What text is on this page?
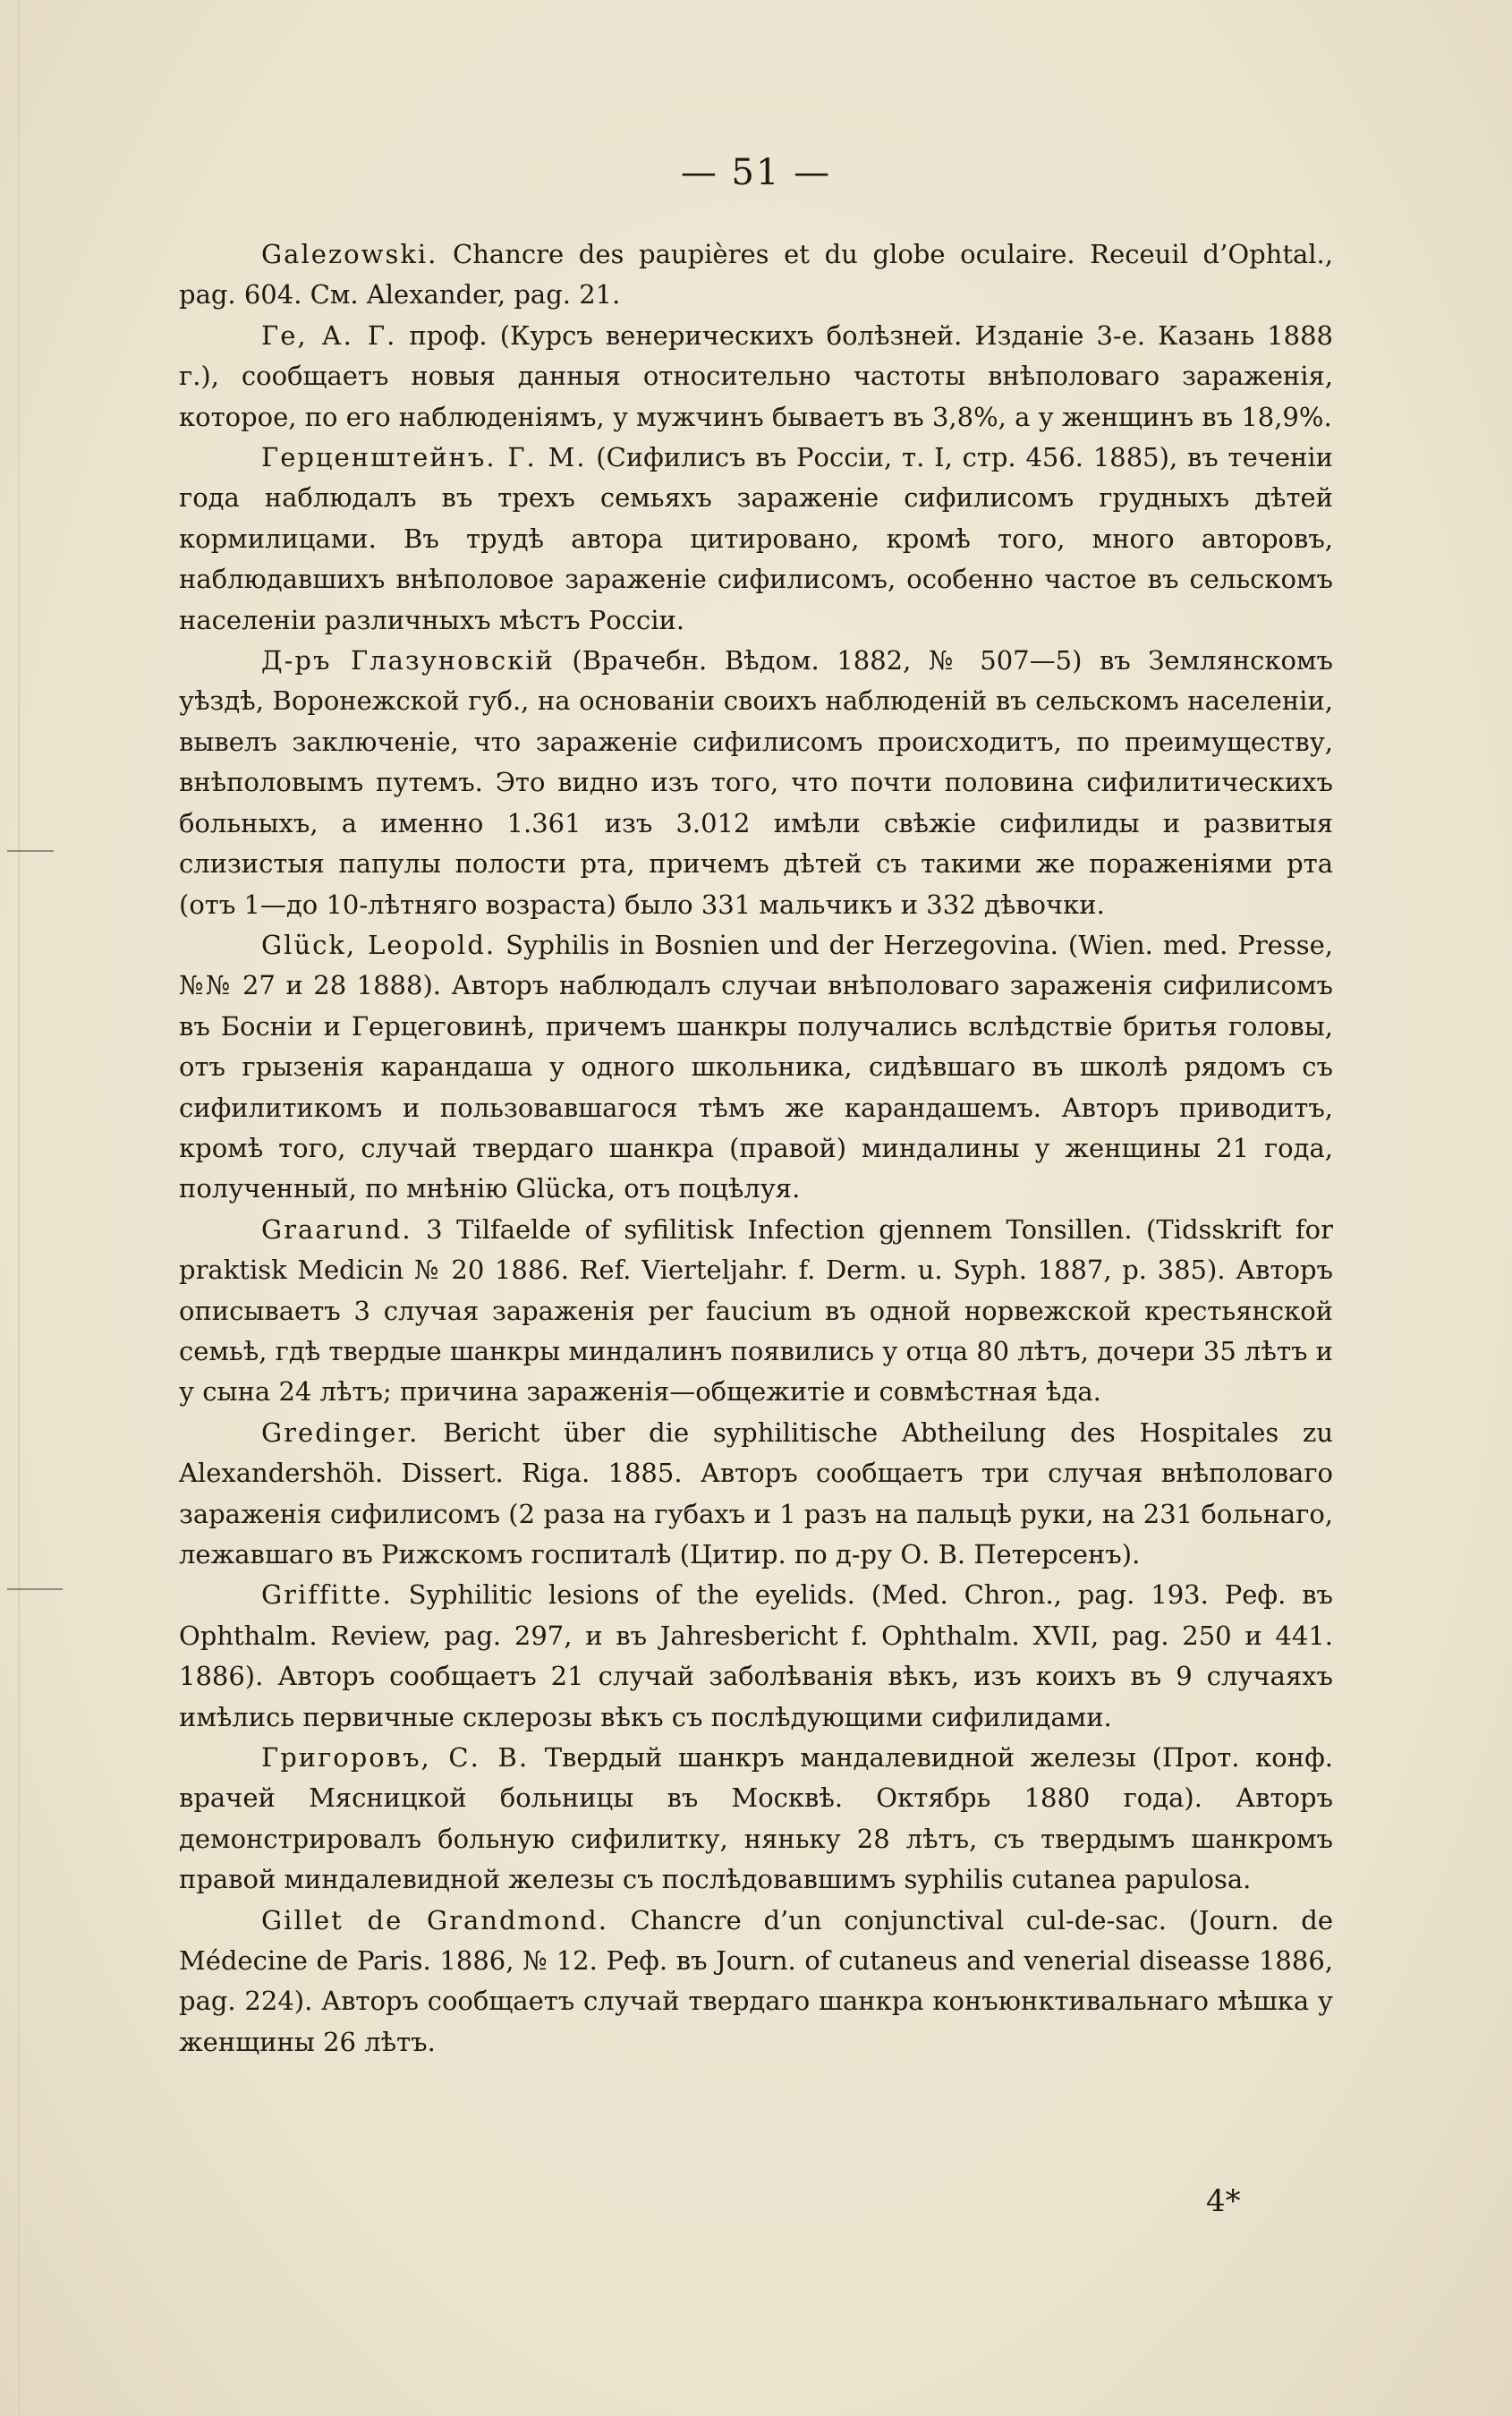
— 51 —

Galezowski. Chancre des paupières et du globe oculaire. Receuil d’Ophtal., pag. 604. См. Alexander, pag. 21.

Ге, А. Г. проф. (Курсъ венерическихъ болѣзней. Изданіе 3-е. Казань 1888 г.), сообщаетъ новыя данныя относительно частоты внѣполоваго зараженія, которое, по его наблюденіямъ, у мужчинъ бываетъ въ 3,8%, а у женщинъ въ 18,9%.

Герценштейнъ. Г. М. (Сифилисъ въ Россіи, т. I, стр. 456. 1885), въ теченіи года наблюдалъ въ трехъ семьяхъ зараженіе сифилисомъ грудныхъ дѣтей кормилицами. Въ трудѣ автора цитировано, кромѣ того, много авторовъ, наблюдавшихъ внѣполовое зараженіе сифилисомъ, особенно частое въ сельскомъ населеніи различныхъ мѣстъ Россіи.

Д-ръ Глазуновскій (Врачебн. Вѣдом. 1882, № 507—5) въ Землянскомъ уѣздѣ, Воронежской губ., на основаніи своихъ наблюденій въ сельскомъ населеніи, вывелъ заключеніе, что зараженіе сифилисомъ происходитъ, по преимуществу, внѣполовымъ путемъ. Это видно изъ того, что почти половина сифилитическихъ больныхъ, а именно 1.361 изъ 3.012 имѣли свѣжіе сифилиды и развитыя слизистыя папулы полости рта, причемъ дѣтей съ такими же пораженіями рта (отъ 1—до 10-лѣтняго возраста) было 331 мальчикъ и 332 дѣвочки.

Glück, Leopold. Syphilis in Bosnien und der Herzegovina. (Wien. med. Presse, №№ 27 и 28 1888). Авторъ наблюдалъ случаи внѣполоваго зараженія сифилисомъ въ Босніи и Герцеговинѣ, причемъ шанкры получались вслѣдствіе бритья головы, отъ грызенія карандаша у одного школьника, сидѣвшаго въ школѣ рядомъ съ сифилитикомъ и пользовавшагося тѣмъ же карандашемъ. Авторъ приводитъ, кромѣ того, случай твердаго шанкра (правой) миндалины у женщины 21 года, полученный, по мнѣнію Glücka, отъ поцѣлуя.

Graarund. 3 Tilfaelde of syfilitisk Infection gjennem Tonsillen. (Tidsskrift for praktisk Medicin № 20 1886. Ref. Vierteljahr. f. Derm. u. Syph. 1887, p. 385). Авторъ описываетъ 3 случая зараженія per faucium въ одной норвежской крестьянской семьѣ, гдѣ твердые шанкры миндалинъ появились у отца 80 лѣтъ, дочери 35 лѣтъ и у сына 24 лѣтъ; причина зараженія—общежитіе и совмѣстная ѣда.

Gredinger. Bericht über die syphilitische Abtheilung des Hospitales zu Alexandershöh. Dissert. Riga. 1885. Авторъ сообщаетъ три случая внѣполоваго зараженія сифилисомъ (2 раза на губахъ и 1 разъ на пальцѣ руки, на 231 больнаго, лежавшаго въ Рижскомъ госпиталѣ (Цитир. по д-ру О. В. Петерсенъ).

Griffitte. Syphilitic lesions of the eyelids. (Med. Chron., pag. 193. Реф. въ Ophthalm. Review, pag. 297, и въ Jahresbericht f. Ophthalm. XVII, pag. 250 и 441. 1886). Авторъ сообщаетъ 21 случай заболѣванія вѣкъ, изъ коихъ въ 9 случаяхъ имѣлись первичные склерозы вѣкъ съ послѣдующими сифилидами.

Григоровъ, С. В. Твердый шанкръ мандалевидной железы (Прот. конф. врачей Мясницкой больницы въ Москвѣ. Октябрь 1880 года). Авторъ демонстрировалъ больную сифилитку, няньку 28 лѣтъ, съ твердымъ шанкромъ правой миндалевидной железы съ послѣдовавшимъ syphilis cutanea papulosa.

Gillet de Grandmond. Chancre d’un conjunctival cul-de-sac. (Journ. de Médecine de Paris. 1886, № 12. Реф. въ Journ. of cutaneus and venerial diseasse 1886, pag. 224). Авторъ сообщаетъ случай твердаго шанкра конъюнктивальнаго мѣшка у женщины 26 лѣтъ.

4*
